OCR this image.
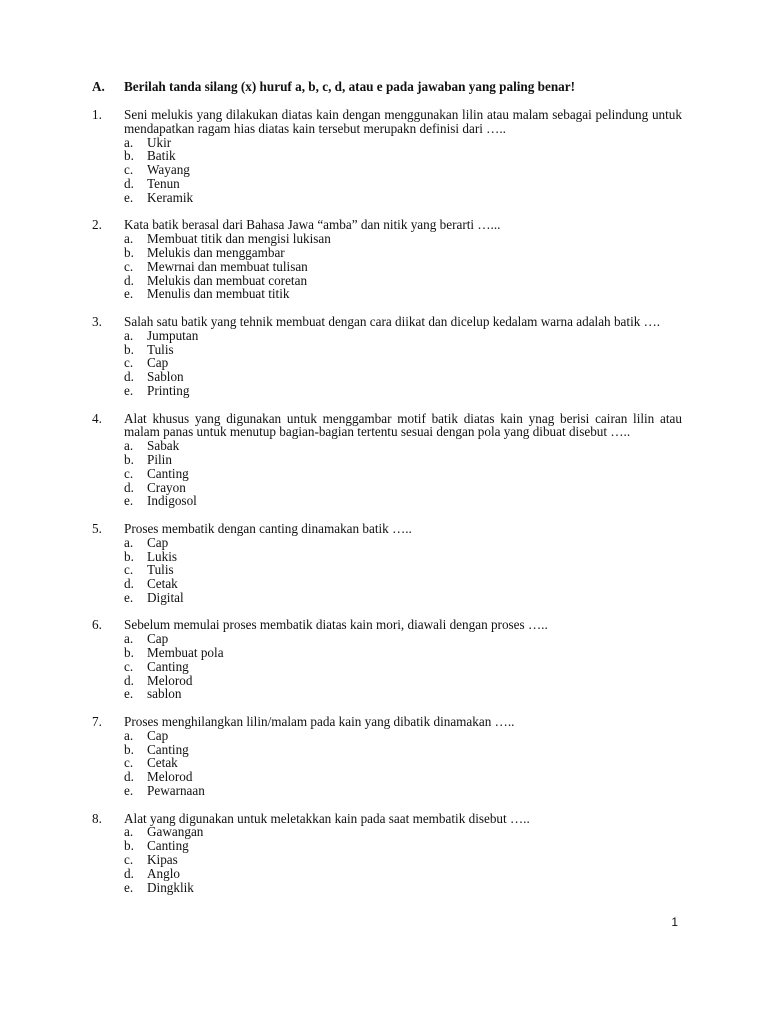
A. Berilah tanda silang (x) huruf a, b, c, d, atau e pada jawaban yang paling benar!
1. Seni melukis yang dilakukan diatas kain dengan menggunakan lilin atau malam sebagai pelindung untuk mendapatkan ragam hias diatas kain tersebut merupakn definisi dari …..
a. Ukir
b. Batik
c. Wayang
d. Tenun
e. Keramik
2. Kata batik berasal dari Bahasa Jawa “amba” dan nitik yang berarti …...
a. Membuat titik dan mengisi lukisan
b. Melukis dan menggambar
c. Mewrnai dan membuat tulisan
d. Melukis dan membuat coretan
e. Menulis dan membuat titik
3. Salah satu batik yang tehnik membuat dengan cara diikat dan dicelup kedalam warna adalah batik ….
a. Jumputan
b. Tulis
c. Cap
d. Sablon
e. Printing
4. Alat khusus yang digunakan untuk menggambar motif batik diatas kain ynag berisi cairan lilin atau malam panas untuk menutup bagian-bagian tertentu sesuai dengan pola yang dibuat disebut …..
a. Sabak
b. Pilin
c. Canting
d. Crayon
e. Indigosol
5. Proses membatik dengan canting dinamakan batik …..
a. Cap
b. Lukis
c. Tulis
d. Cetak
e. Digital
6. Sebelum memulai proses membatik diatas kain mori, diawali dengan proses …..
a. Cap
b. Membuat pola
c. Canting
d. Melorod
e. sablon
7. Proses menghilangkan lilin/malam pada kain yang dibatik dinamakan …..
a. Cap
b. Canting
c. Cetak
d. Melorod
e. Pewarnaan
8. Alat yang digunakan untuk meletakkan kain pada saat membatik disebut …..
a. Gawangan
b. Canting
c. Kipas
d. Anglo
e. Dingklik
1
